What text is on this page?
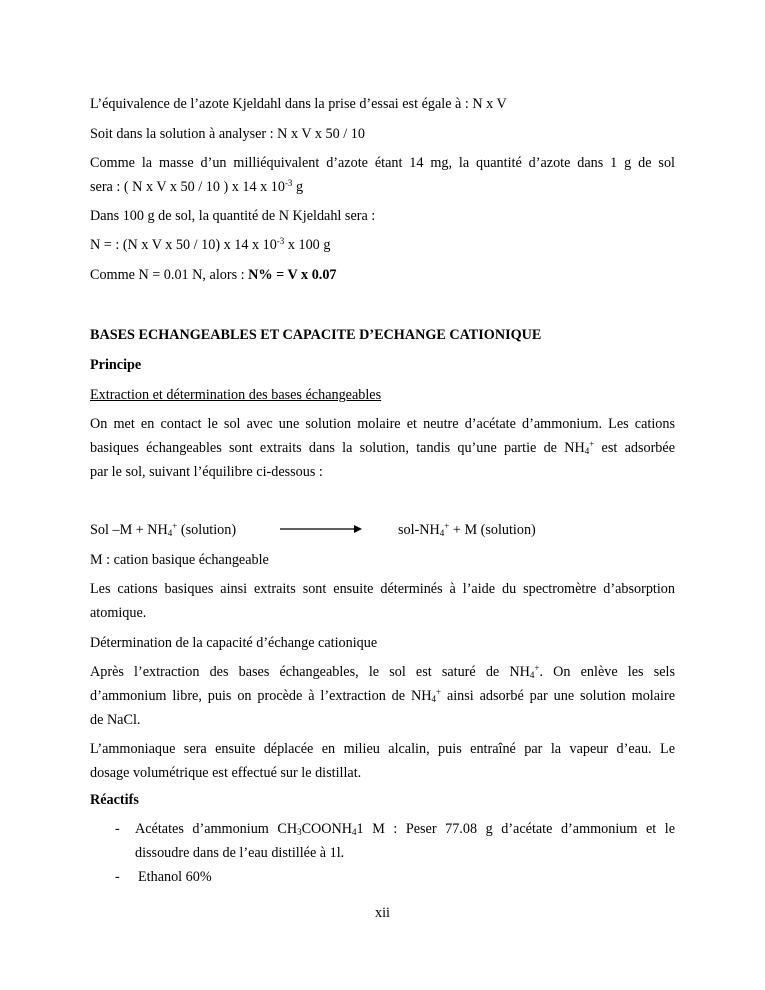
L’équivalence de l’azote Kjeldahl dans la prise d’essai est égale à : N x V
Soit dans la solution à analyser : N x V x 50 / 10
Comme la masse d’un milliéquivalent d’azote étant 14 mg, la quantité d’azote dans 1 g de sol
sera : ( N x V x 50 / 10 ) x 14 x $10^{-3}$ g
Dans 100 g de sol, la quantité de N Kjeldahl sera :
N = : (N x V x 50 / 10) x 14 x $10^{-3}$ x 100 g
Comme N = 0.01 N, alors : N% = V x 0.07
BASES ECHANGEABLES ET CAPACITE D’ECHANGE CATIONIQUE
Principe
Extraction et détermination des bases échangeables
On met en contact le sol avec une solution molaire et neutre d’acétate d’ammonium. Les cations
basiques échangeables sont extraits dans la solution, tandis qu’une partie de $NH_4^+$ est adsorbée
par le sol, suivant l’équilibre ci-dessous :
Sol $-M + NH_4^+$ (solution)	sol-$NH_4^+ + M$ (solution)
M : cation basique échangeable
Les cations basiques ainsi extraits sont ensuite déterminés à l’aide du spectromètre d’absorption
atomique.
Détermination de la capacité d’échange cationique
Après l’extraction des bases échangeables, le sol est saturé de $NH_4^+$. On enlève les sels
d’ammonium libre, puis on procède à l’extraction de $NH_4^+$ ainsi adsorbé par une solution molaire
de NaCl.
L’ammoniaque sera ensuite déplacée en milieu alcalin, puis entraîné par la vapeur d’eau. Le
dosage volumétrique est effectué sur le distillat.
Réactifs
- Acétates d’ammonium $CH_3COONH_41$ M : Peser 77.08 g d’acétate d’ammonium et le
dissoudre dans de l’eau distillée à 1l.
- Ethanol 60%
xii
